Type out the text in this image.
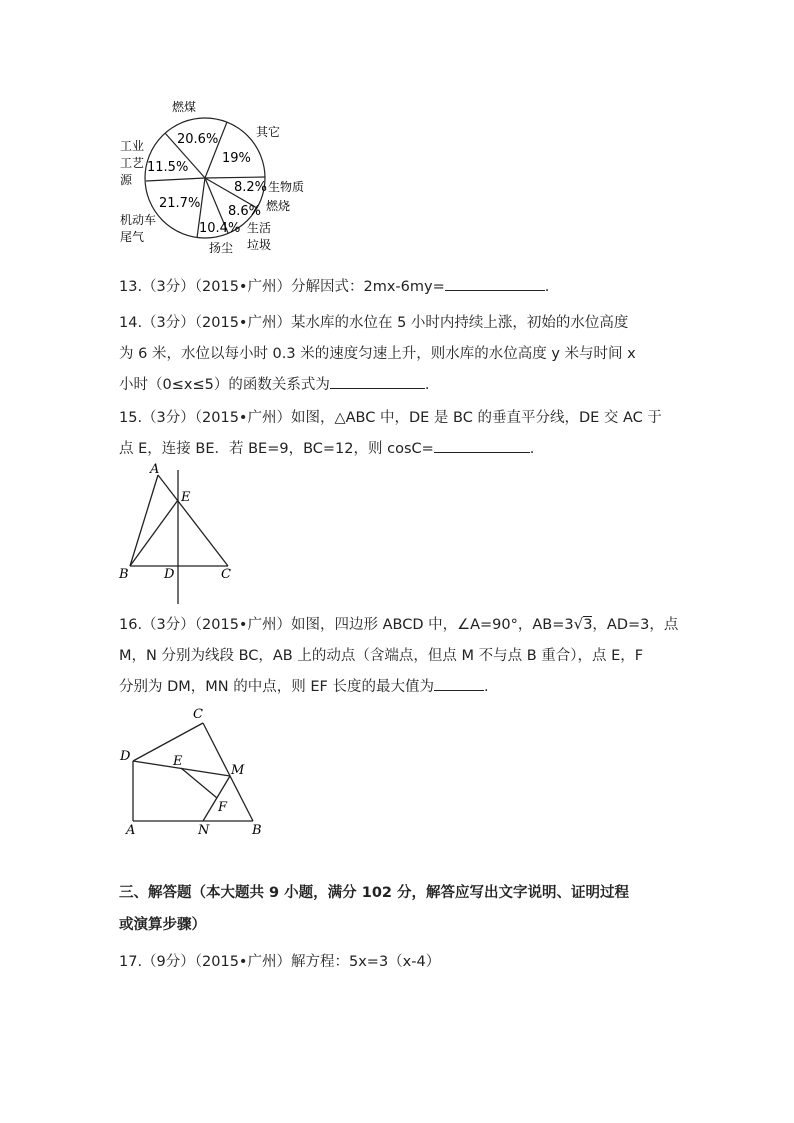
20.6%
19%
8.2%
8.6%
10.4%
21.7%
11.5%
燃煤
其它
生物质
燃烧
生活
垃圾
扬尘
机动车
尾气
工业
工艺
源
13.（3分）（2015•广州）分解因式：2mx-6my=	.
14.（3分）（2015•广州）某水库的水位在 5 小时内持续上涨，初始的水位高度
为 6 米，水位以每小时 0.3 米的速度匀速上升，则水库的水位高度 y 米与时间 x
小时（0≤x≤5）的函数关系式为	.
15.（3分）（2015•广州）如图，△ABC 中，DE 是 BC 的垂直平分线，DE 交 AC 于
点 E，连接 BE．若 BE=9，BC=12，则 cosC=	.
A
E
B	D	C
16.（3分）（2015•广州）如图，四边形 ABCD 中，∠A=90°，AB=3√3，AD=3，点
M，N 分别为线段 BC，AB 上的动点（含端点，但点 M 不与点 B 重合），点 E，F
分别为 DM，MN 的中点，则 EF 长度的最大值为	.
C
D	E
M
F
A	N	B
三、解答题（本大题共 9 小题，满分 102 分，解答应写出文字说明、证明过程
或演算步骤）
17.（9分）（2015•广州）解方程：5x=3（x-4）
